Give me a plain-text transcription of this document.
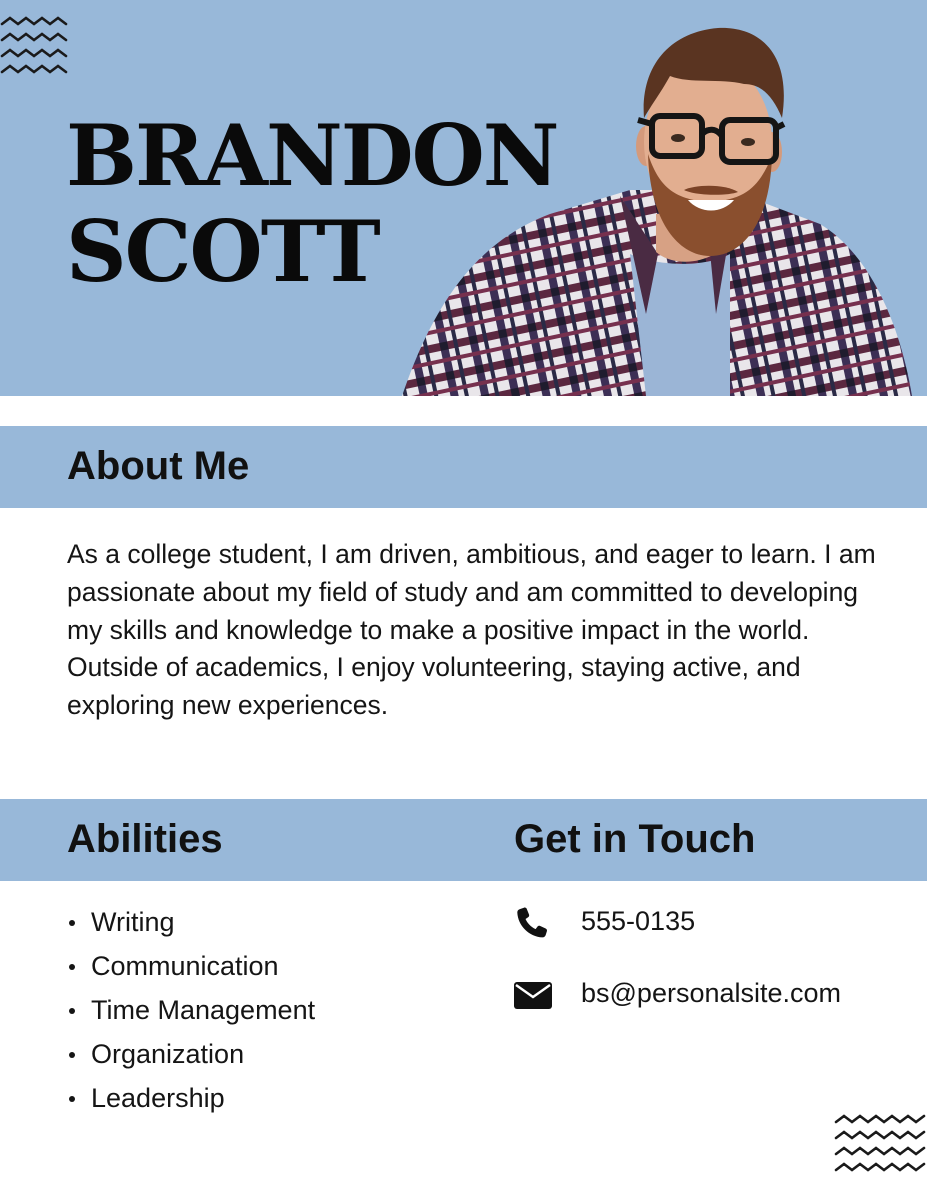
BRANDON
SCOTT
About Me

As a college student, I am driven, ambitious, and eager to learn. I am passionate about my field of study and am committed to developing my skills and knowledge to make a positive impact in the world. Outside of academics, I enjoy volunteering, staying active, and exploring new experiences.

Abilities	Get in Touch
Writing
Communication
Time Management
Organization
Leadership
555-0135
bs@personalsite.com
